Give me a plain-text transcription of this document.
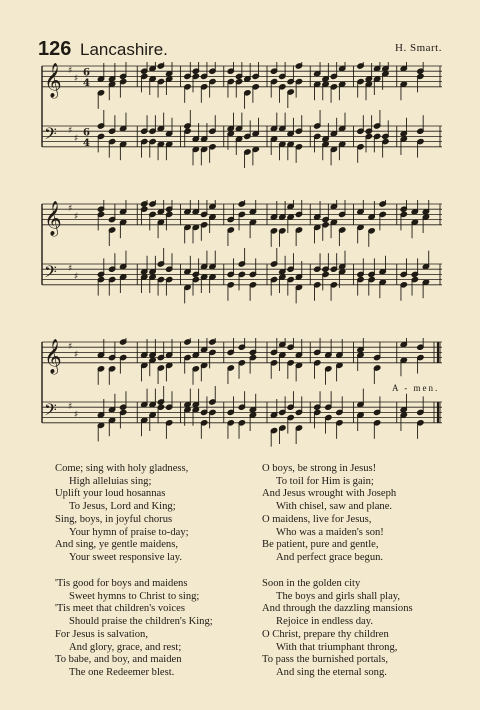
126 Lancashire.	H. Smart.
𝄞 ♯
♯
𝄢 ♯
♯
6
6
4
4
𝄞 ♯
♯
𝄢 ♯
♯
𝄞 ♯
♯
𝄢 ♯
♯
A - men.
Come; sing with holy gladness,
High alleluias sing;
Uplift your loud hosannas
To Jesus, Lord and King;
Sing, boys, in joyful chorus
Your hymn of praise to-day;
And sing, ye gentle maidens,
Your sweet responsive lay.
O boys, be strong in Jesus!
To toil for Him is gain;
And Jesus wrought with Joseph
With chisel, saw and plane.
O maidens, live for Jesus,
Who was a maiden's son!
Be patient, pure and gentle,
And perfect grace begun.
'Tis good for boys and maidens
Sweet hymns to Christ to sing;
'Tis meet that children's voices
Should praise the children's King;
For Jesus is salvation,
And glory, grace, and rest;
To babe, and boy, and maiden
The one Redeemer blest.
Soon in the golden city
The boys and girls shall play,
And through the dazzling mansions
Rejoice in endless day.
O Christ, prepare thy children
With that triumphant throng,
To pass the burnished portals,
And sing the eternal song.
